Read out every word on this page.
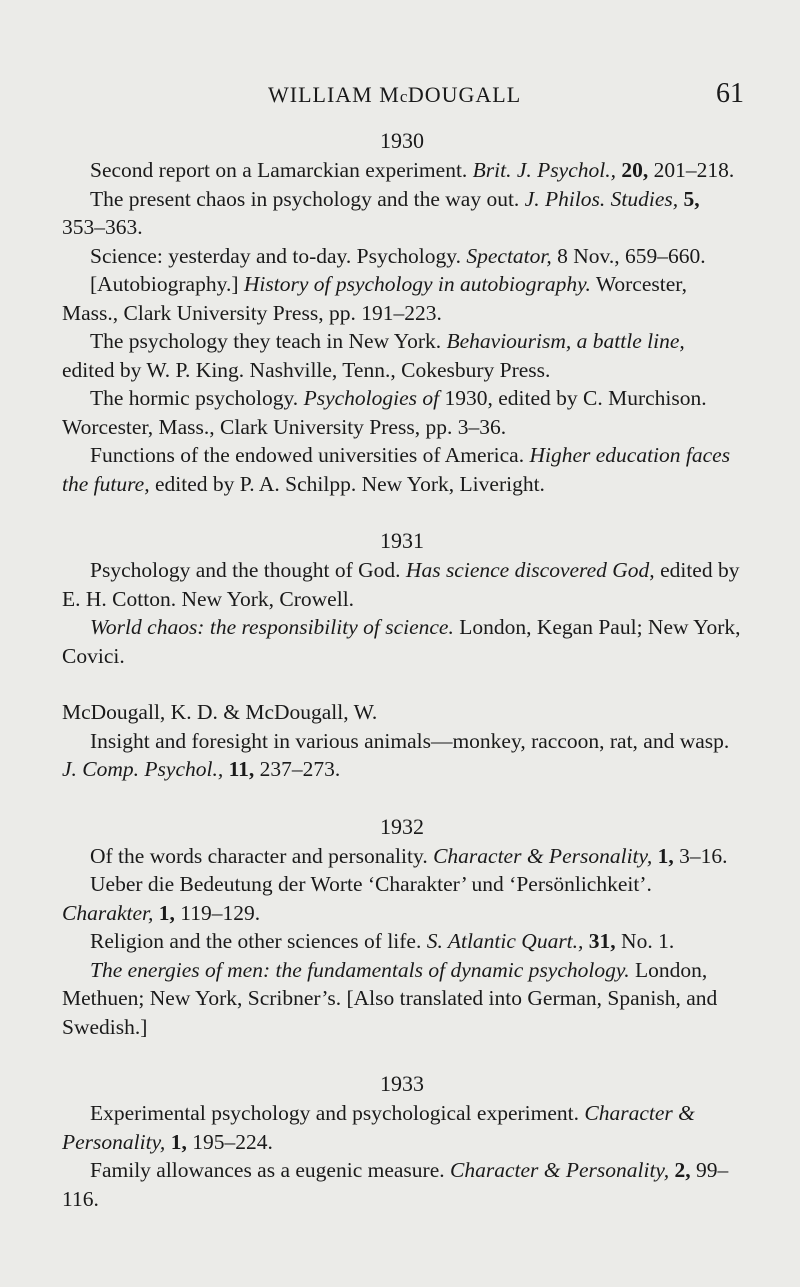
WILLIAM McDOUGALL	61

1930

Second report on a Lamarckian experiment. Brit. J. Psychol., 20, 201–218.

The present chaos in psychology and the way out. J. Philos. Studies, 5, 353–363.

Science: yesterday and to-day. Psychology. Spectator, 8 Nov., 659–660.

[Autobiography.] History of psychology in autobiography. Worcester, Mass., Clark University Press, pp. 191–223.

The psychology they teach in New York. Behaviourism, a battle line, edited by W. P. King. Nashville, Tenn., Cokesbury Press.

The hormic psychology. Psychologies of 1930, edited by C. Murchison. Worcester, Mass., Clark University Press, pp. 3–36.

Functions of the endowed universities of America. Higher education faces the future, edited by P. A. Schilpp. New York, Liveright.

1931

Psychology and the thought of God. Has science discovered God, edited by E. H. Cotton. New York, Crowell.

World chaos: the responsibility of science. London, Kegan Paul; New York, Covici.

McDougall, K. D. & McDougall, W.

Insight and foresight in various animals—monkey, raccoon, rat, and wasp. J. Comp. Psychol., 11, 237–273.

1932

Of the words character and personality. Character & Personality, 1, 3–16.

Ueber die Bedeutung der Worte ‘Charakter’ und ‘Persönlichkeit’. Charakter, 1, 119–129.

Religion and the other sciences of life. S. Atlantic Quart., 31, No. 1.

The energies of men: the fundamentals of dynamic psychology. London, Methuen; New York, Scribner’s. [Also translated into German, Spanish, and Swedish.]

1933

Experimental psychology and psychological experiment. Character & Personality, 1, 195–224.

Family allowances as a eugenic measure. Character & Personality, 2, 99–116.
